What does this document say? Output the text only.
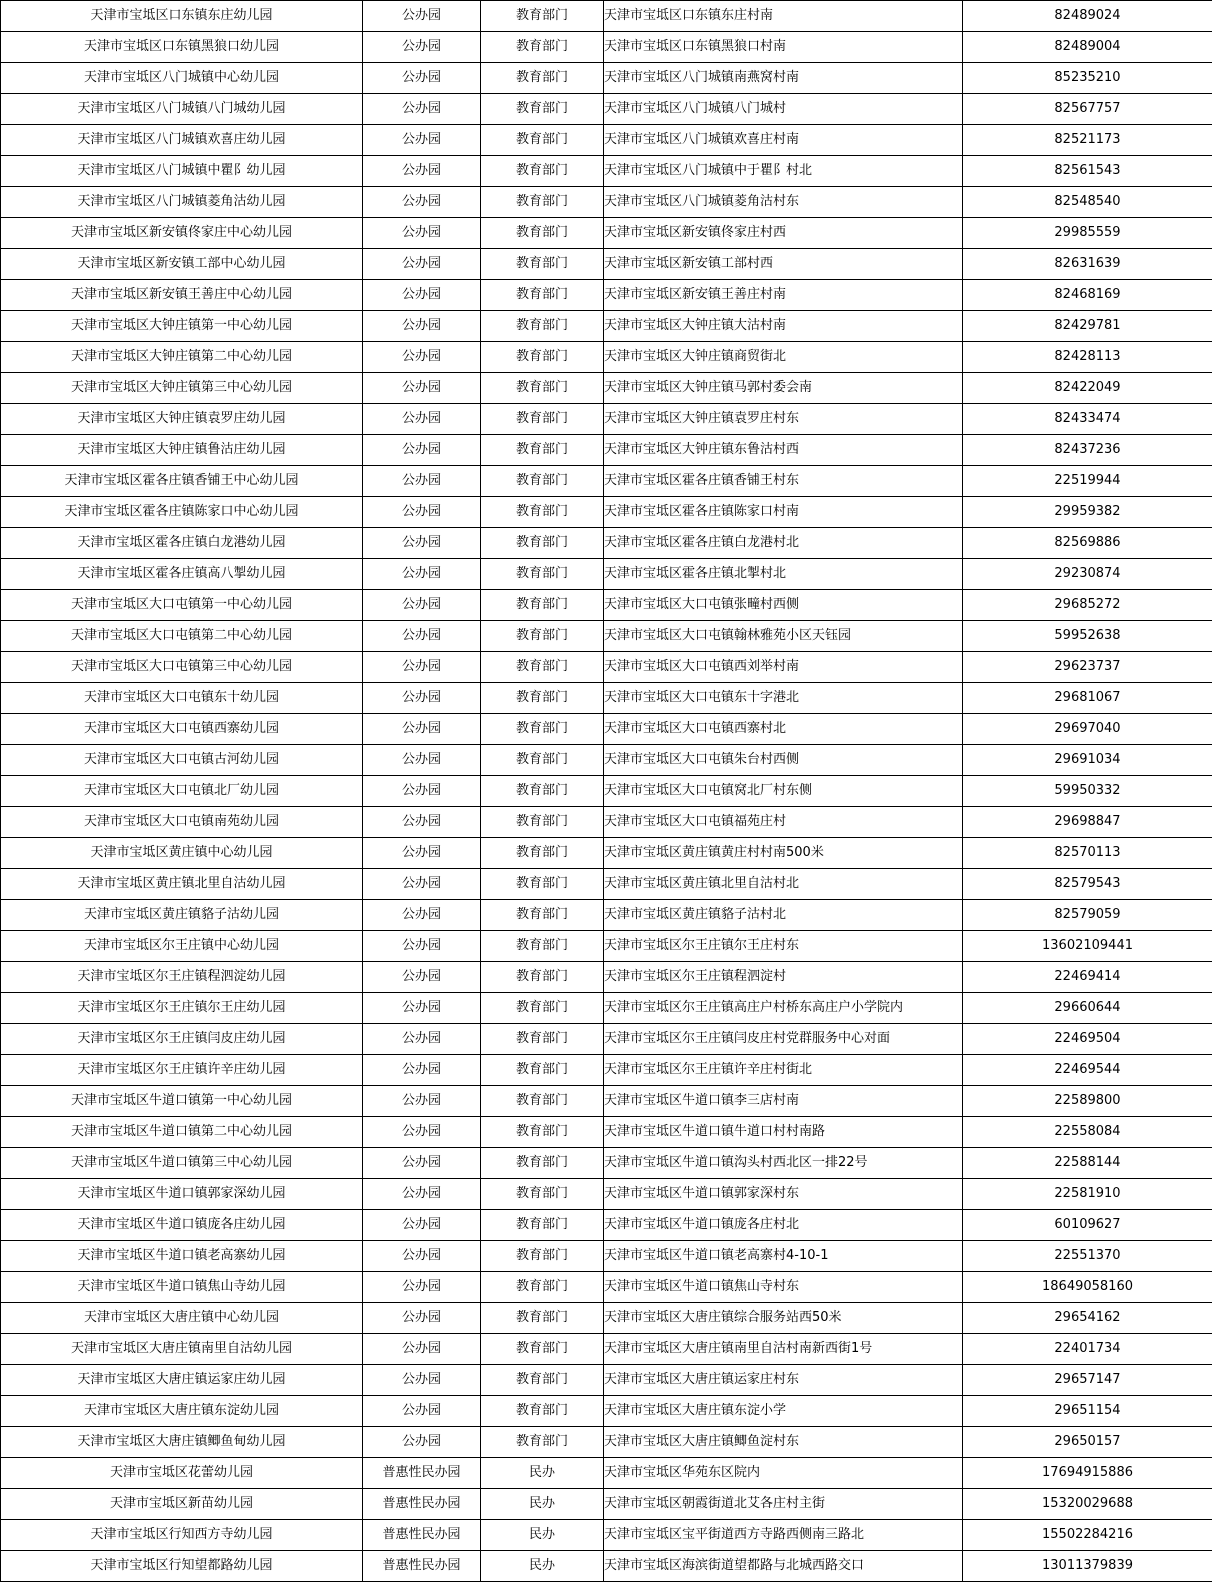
天津市宝坻区口东镇东庄幼儿园	公办园	教育部门	天津市宝坻区口东镇东庄村南	82489024
天津市宝坻区口东镇黑狼口幼儿园	公办园	教育部门	天津市宝坻区口东镇黑狼口村南	82489004
天津市宝坻区八门城镇中心幼儿园	公办园	教育部门	天津市宝坻区八门城镇南燕窝村南	85235210
天津市宝坻区八门城镇八门城幼儿园	公办园	教育部门	天津市宝坻区八门城镇八门城村	82567757
天津市宝坻区八门城镇欢喜庄幼儿园	公办园	教育部门	天津市宝坻区八门城镇欢喜庄村南	82521173
天津市宝坻区八门城镇中瞿阝幼儿园	公办园	教育部门	天津市宝坻区八门城镇中于瞿阝村北	82561543
天津市宝坻区八门城镇菱角沽幼儿园	公办园	教育部门	天津市宝坻区八门城镇菱角沽村东	82548540
天津市宝坻区新安镇佟家庄中心幼儿园	公办园	教育部门	天津市宝坻区新安镇佟家庄村西	29985559
天津市宝坻区新安镇工部中心幼儿园	公办园	教育部门	天津市宝坻区新安镇工部村西	82631639
天津市宝坻区新安镇王善庄中心幼儿园	公办园	教育部门	天津市宝坻区新安镇王善庄村南	82468169
天津市宝坻区大钟庄镇第一中心幼儿园	公办园	教育部门	天津市宝坻区大钟庄镇大沽村南	82429781
天津市宝坻区大钟庄镇第二中心幼儿园	公办园	教育部门	天津市宝坻区大钟庄镇商贸街北	82428113
天津市宝坻区大钟庄镇第三中心幼儿园	公办园	教育部门	天津市宝坻区大钟庄镇马郭村委会南	82422049
天津市宝坻区大钟庄镇袁罗庄幼儿园	公办园	教育部门	天津市宝坻区大钟庄镇袁罗庄村东	82433474
天津市宝坻区大钟庄镇鲁沽庄幼儿园	公办园	教育部门	天津市宝坻区大钟庄镇东鲁沽村西	82437236
天津市宝坻区霍各庄镇香铺王中心幼儿园	公办园	教育部门	天津市宝坻区霍各庄镇香铺王村东	22519944
天津市宝坻区霍各庄镇陈家口中心幼儿园	公办园	教育部门	天津市宝坻区霍各庄镇陈家口村南	29959382
天津市宝坻区霍各庄镇白龙港幼儿园	公办园	教育部门	天津市宝坻区霍各庄镇白龙港村北	82569886
天津市宝坻区霍各庄镇高八掣幼儿园	公办园	教育部门	天津市宝坻区霍各庄镇北掣村北	29230874
天津市宝坻区大口屯镇第一中心幼儿园	公办园	教育部门	天津市宝坻区大口屯镇张疃村西侧	29685272
天津市宝坻区大口屯镇第二中心幼儿园	公办园	教育部门	天津市宝坻区大口屯镇翰林雅苑小区天钰园	59952638
天津市宝坻区大口屯镇第三中心幼儿园	公办园	教育部门	天津市宝坻区大口屯镇西刘举村南	29623737
天津市宝坻区大口屯镇东十幼儿园	公办园	教育部门	天津市宝坻区大口屯镇东十字港北	29681067
天津市宝坻区大口屯镇西寨幼儿园	公办园	教育部门	天津市宝坻区大口屯镇西寨村北	29697040
天津市宝坻区大口屯镇古河幼儿园	公办园	教育部门	天津市宝坻区大口屯镇朱台村西侧	29691034
天津市宝坻区大口屯镇北厂幼儿园	公办园	教育部门	天津市宝坻区大口屯镇窝北厂村东侧	59950332
天津市宝坻区大口屯镇南苑幼儿园	公办园	教育部门	天津市宝坻区大口屯镇福苑庄村	29698847
天津市宝坻区黄庄镇中心幼儿园	公办园	教育部门	天津市宝坻区黄庄镇黄庄村村南500米	82570113
天津市宝坻区黄庄镇北里自沽幼儿园	公办园	教育部门	天津市宝坻区黄庄镇北里自沽村北	82579543
天津市宝坻区黄庄镇貉子沽幼儿园	公办园	教育部门	天津市宝坻区黄庄镇貉子沽村北	82579059
天津市宝坻区尔王庄镇中心幼儿园	公办园	教育部门	天津市宝坻区尔王庄镇尔王庄村东	13602109441
天津市宝坻区尔王庄镇程泗淀幼儿园	公办园	教育部门	天津市宝坻区尔王庄镇程泗淀村	22469414
天津市宝坻区尔王庄镇尔王庄幼儿园	公办园	教育部门	天津市宝坻区尔王庄镇高庄户村桥东高庄户小学院内	29660644
天津市宝坻区尔王庄镇闫皮庄幼儿园	公办园	教育部门	天津市宝坻区尔王庄镇闫皮庄村党群服务中心对面	22469504
天津市宝坻区尔王庄镇许辛庄幼儿园	公办园	教育部门	天津市宝坻区尔王庄镇许辛庄村街北	22469544
天津市宝坻区牛道口镇第一中心幼儿园	公办园	教育部门	天津市宝坻区牛道口镇李三店村南	22589800
天津市宝坻区牛道口镇第二中心幼儿园	公办园	教育部门	天津市宝坻区牛道口镇牛道口村村南路	22558084
天津市宝坻区牛道口镇第三中心幼儿园	公办园	教育部门	天津市宝坻区牛道口镇沟头村西北区一排22号	22588144
天津市宝坻区牛道口镇郭家深幼儿园	公办园	教育部门	天津市宝坻区牛道口镇郭家深村东	22581910
天津市宝坻区牛道口镇庞各庄幼儿园	公办园	教育部门	天津市宝坻区牛道口镇庞各庄村北	60109627
天津市宝坻区牛道口镇老高寨幼儿园	公办园	教育部门	天津市宝坻区牛道口镇老高寨村4-10-1	22551370
天津市宝坻区牛道口镇焦山寺幼儿园	公办园	教育部门	天津市宝坻区牛道口镇焦山寺村东	18649058160
天津市宝坻区大唐庄镇中心幼儿园	公办园	教育部门	天津市宝坻区大唐庄镇综合服务站西50米	29654162
天津市宝坻区大唐庄镇南里自沽幼儿园	公办园	教育部门	天津市宝坻区大唐庄镇南里自沽村南新西街1号	22401734
天津市宝坻区大唐庄镇运家庄幼儿园	公办园	教育部门	天津市宝坻区大唐庄镇运家庄村东	29657147
天津市宝坻区大唐庄镇东淀幼儿园	公办园	教育部门	天津市宝坻区大唐庄镇东淀小学	29651154
天津市宝坻区大唐庄镇鲫鱼甸幼儿园	公办园	教育部门	天津市宝坻区大唐庄镇鲫鱼淀村东	29650157
天津市宝坻区花蕾幼儿园	普惠性民办园	民办	天津市宝坻区华苑东区院内	17694915886
天津市宝坻区新苗幼儿园	普惠性民办园	民办	天津市宝坻区朝霞街道北艾各庄村主街	15320029688
天津市宝坻区行知西方寺幼儿园	普惠性民办园	民办	天津市宝坻区宝平街道西方寺路西侧南三路北	15502284216
天津市宝坻区行知望都路幼儿园	普惠性民办园	民办	天津市宝坻区海滨街道望都路与北城西路交口	13011379839
